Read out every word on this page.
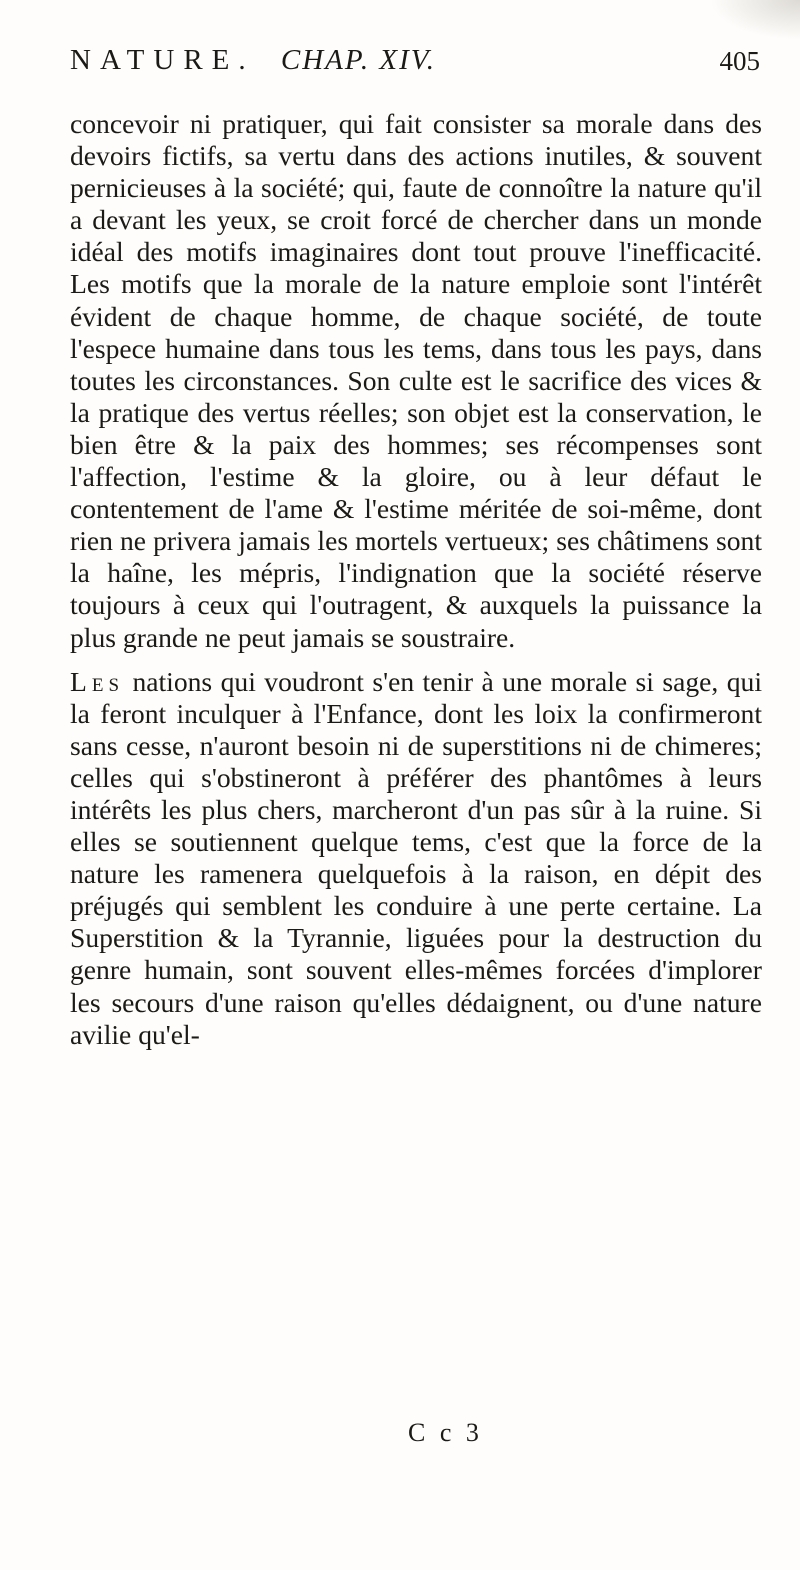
NATURE. CHAP. XIV.	405

concevoir ni pratiquer, qui fait consister sa morale dans des devoirs fictifs, sa vertu dans des actions inutiles, & souvent pernicieuses à la société; qui, faute de connoître la nature qu'il a devant les yeux, se croit forcé de chercher dans un monde idéal des motifs imaginaires dont tout prouve l'inefficacité. Les motifs que la morale de la nature emploie sont l'intérêt évident de chaque homme, de chaque société, de toute l'espece humaine dans tous les tems, dans tous les pays, dans toutes les circonstances. Son culte est le sacrifice des vices & la pratique des vertus réelles; son objet est la conservation, le bien être & la paix des hommes; ses récompenses sont l'affection, l'estime & la gloire, ou à leur défaut le contentement de l'ame & l'estime méritée de soi-même, dont rien ne privera jamais les mortels vertueux; ses châtimens sont la haîne, les mépris, l'indignation que la société réserve toujours à ceux qui l'outragent, & auxquels la puissance la plus grande ne peut jamais se soustraire.

Les nations qui voudront s'en tenir à une morale si sage, qui la feront inculquer à l'Enfance, dont les loix la confirmeront sans cesse, n'auront besoin ni de superstitions ni de chimeres; celles qui s'obstineront à préférer des phantômes à leurs intérêts les plus chers, marcheront d'un pas sûr à la ruine. Si elles se soutiennent quelque tems, c'est que la force de la nature les ramenera quelquefois à la raison, en dépit des préjugés qui semblent les conduire à une perte certaine. La Superstition & la Tyrannie, liguées pour la destruction du genre humain, sont souvent elles-mêmes forcées d'implorer les secours d'une raison qu'elles dédaignent, ou d'une nature avilie qu'el-

C c 3
